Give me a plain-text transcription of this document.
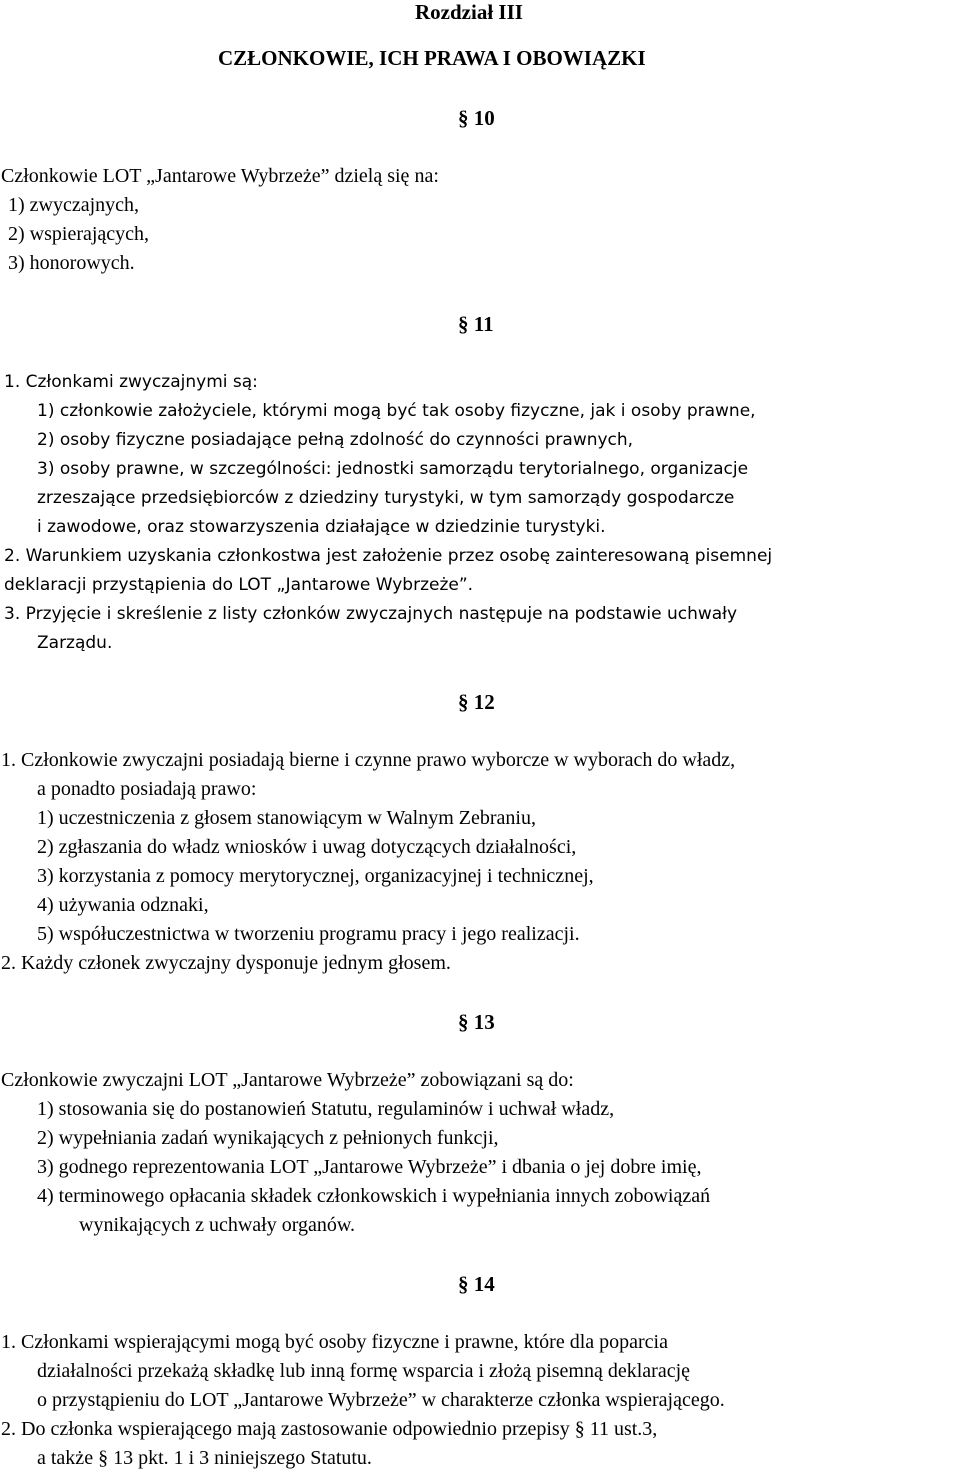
Rozdział III
CZŁONKOWIE, ICH PRAWA I OBOWIĄZKI
§ 10
Członkowie LOT „Jantarowe Wybrzeże” dzielą się na:
1) zwyczajnych,
2) wspierających,
3) honorowych.
§ 11
1. Członkami zwyczajnymi są:
1) członkowie założyciele, którymi mogą być tak osoby fizyczne, jak i osoby prawne,
2) osoby fizyczne posiadające pełną zdolność do czynności prawnych,
3) osoby prawne, w szczególności: jednostki samorządu terytorialnego, organizacje
zrzeszające przedsiębiorców z dziedziny turystyki, w tym samorządy gospodarcze
i zawodowe, oraz stowarzyszenia działające w dziedzinie turystyki.
2. Warunkiem uzyskania członkostwa jest założenie przez osobę zainteresowaną pisemnej
deklaracji przystąpienia do LOT „Jantarowe Wybrzeże”.
3. Przyjęcie i skreślenie z listy członków zwyczajnych następuje na podstawie uchwały
Zarządu.
§ 12
1. Członkowie zwyczajni posiadają bierne i czynne prawo wyborcze w wyborach do władz,
a ponadto posiadają prawo:
1) uczestniczenia z głosem stanowiącym w Walnym Zebraniu,
2) zgłaszania do władz wniosków i uwag dotyczących działalności,
3) korzystania z pomocy merytorycznej, organizacyjnej i technicznej,
4) używania odznaki,
5) współuczestnictwa w tworzeniu programu pracy i jego realizacji.
2. Każdy członek zwyczajny dysponuje jednym głosem.
§ 13
Członkowie zwyczajni LOT „Jantarowe Wybrzeże” zobowiązani są do:
1) stosowania się do postanowień Statutu, regulaminów i uchwał władz,
2) wypełniania zadań wynikających z pełnionych funkcji,
3) godnego reprezentowania LOT „Jantarowe Wybrzeże” i dbania o jej dobre imię,
4) terminowego opłacania składek członkowskich i wypełniania innych zobowiązań
wynikających z uchwały organów.
§ 14
1. Członkami wspierającymi mogą być osoby fizyczne i prawne, które dla poparcia
działalności przekażą składkę lub inną formę wsparcia i złożą pisemną deklarację
o przystąpieniu do LOT „Jantarowe Wybrzeże” w charakterze członka wspierającego.
2. Do członka wspierającego mają zastosowanie odpowiednio przepisy § 11 ust.3,
a także § 13 pkt. 1 i 3 niniejszego Statutu.
